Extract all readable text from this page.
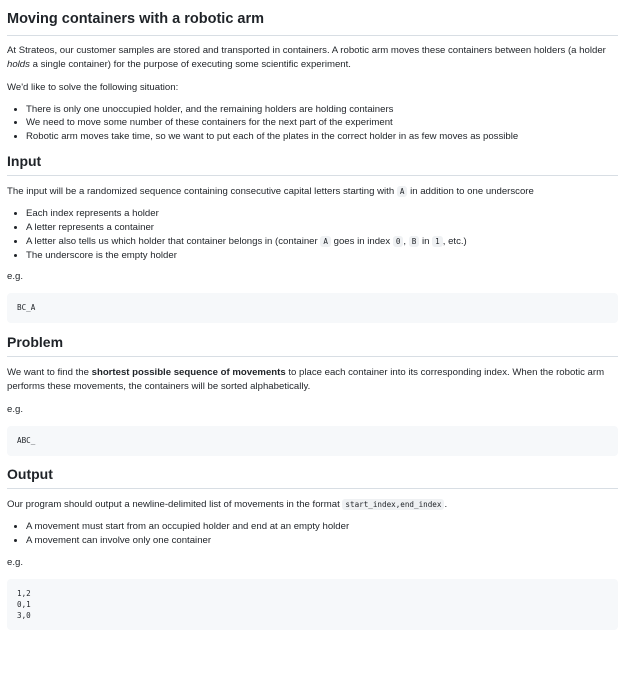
Moving containers with a robotic arm

At Strateos, our customer samples are stored and transported in containers. A robotic arm moves these containers between holders (a holder holds a single container) for the purpose of executing some scientific experiment.

We'd like to solve the following situation:

• There is only one unoccupied holder, and the remaining holders are holding containers
• We need to move some number of these containers for the next part of the experiment
• Robotic arm moves take time, so we want to put each of the plates in the correct holder in as few moves as possible
Input

The input will be a randomized sequence containing consecutive capital letters starting with A in addition to one underscore

• Each index represents a holder
• A letter represents a container
• A letter also tells us which holder that container belongs in (container A goes in index 0 , B in 1 , etc.)
• The underscore is the empty holder

e.g.

BC_A
Problem

We want to find the shortest possible sequence of movements to place each container into its corresponding index. When the robotic arm performs these movements, the containers will be sorted alphabetically.

e.g.

ABC_
Output

Our program should output a newline-delimited list of movements in the format start_index,end_index .

• A movement must start from an occupied holder and end at an empty holder
• A movement can involve only one container

e.g.

1,2
0,1
3,0
